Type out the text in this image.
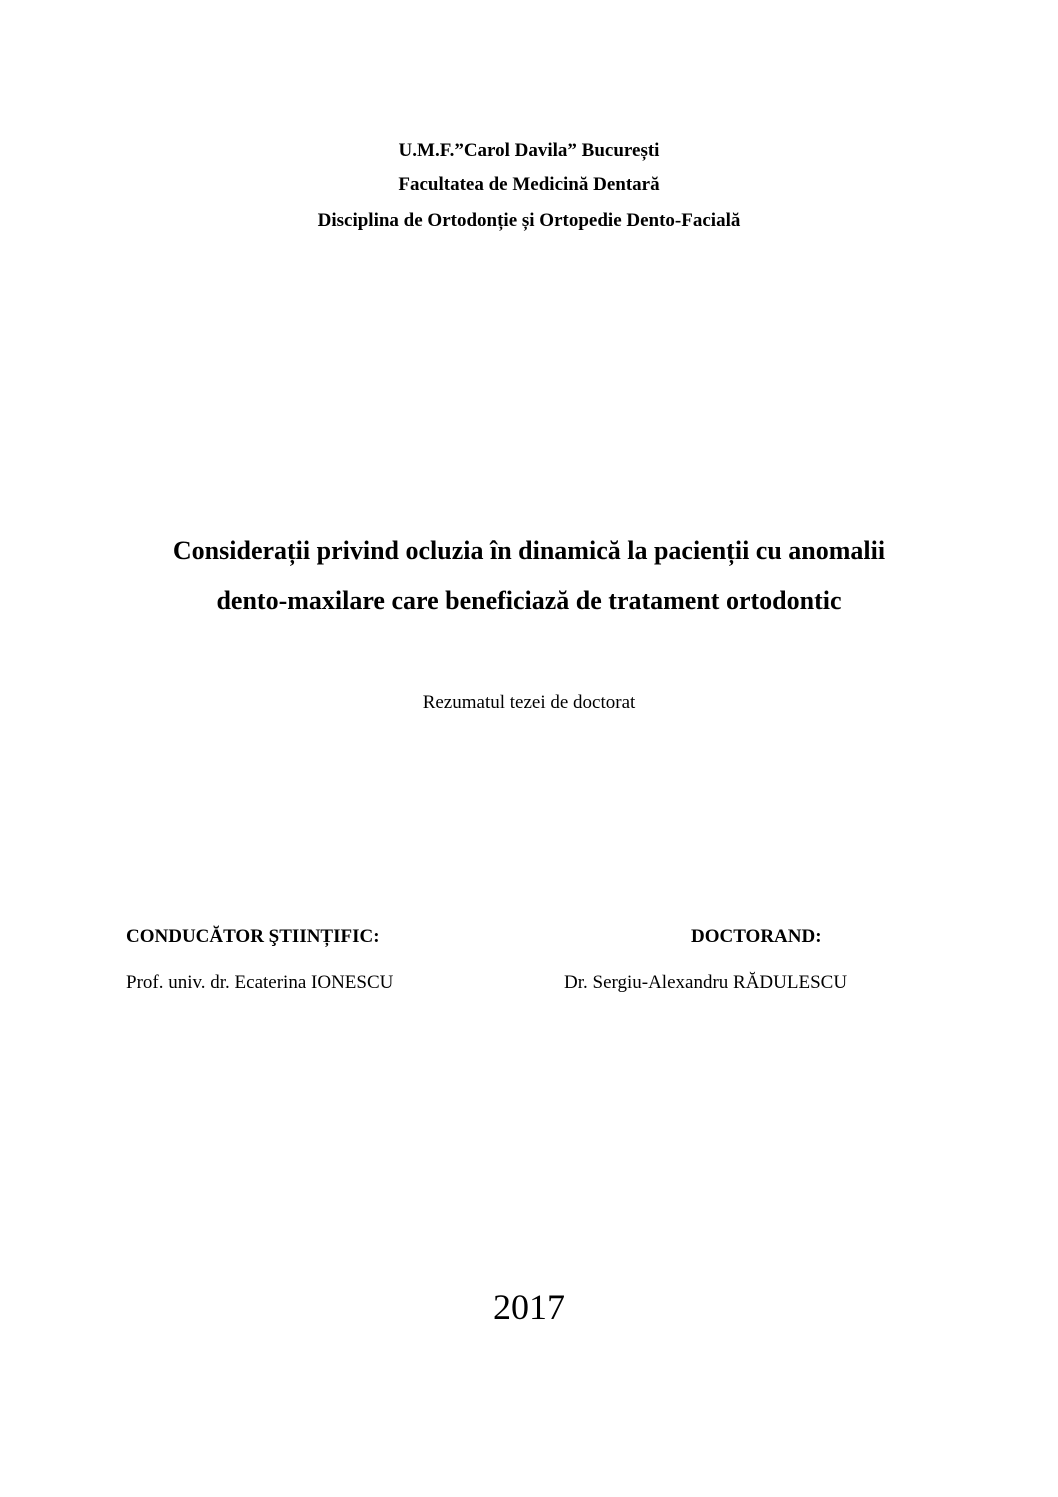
U.M.F.”Carol Davila” București
Facultatea de Medicină Dentară
Disciplina de Ortodonție și Ortopedie Dento-Facială
Considerații privind ocluzia în dinamică la pacienții cu anomalii
dento-maxilare care beneficiază de tratament ortodontic
Rezumatul tezei de doctorat
CONDUCĂTOR ŞTIINȚIFIC:	DOCTORAND:
Prof. univ. dr. Ecaterina IONESCU	Dr. Sergiu-Alexandru RĂDULESCU
2017
